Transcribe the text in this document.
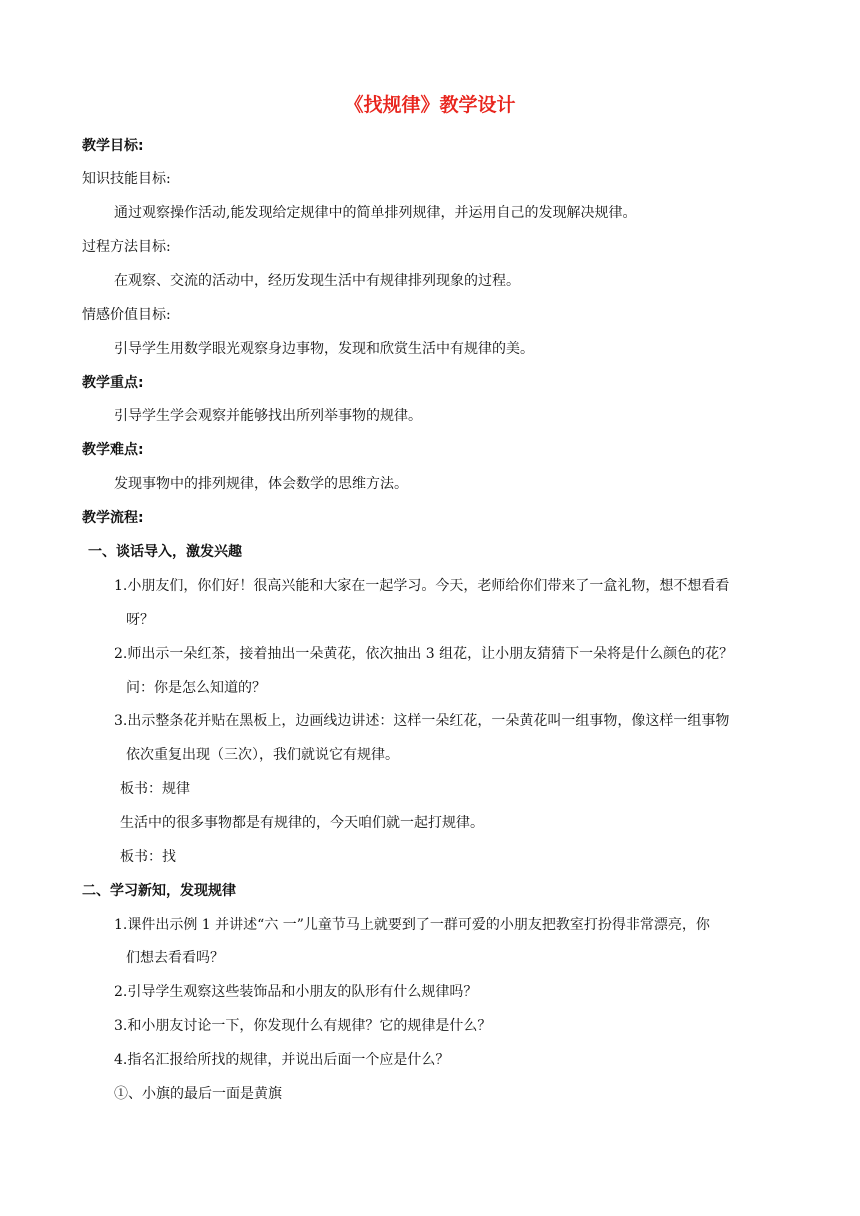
《找规律》教学设计
教学目标:
知识技能目标:
通过观察操作活动,能发现给定规律中的简单排列规律，并运用自己的发现解决规律。
过程方法目标:
在观察、交流的活动中，经历发现生活中有规律排列现象的过程。
情感价值目标:
引导学生用数学眼光观察身边事物，发现和欣赏生活中有规律的美。
教学重点:
引导学生学会观察并能够找出所列举事物的规律。
教学难点:
发现事物中的排列规律，体会数学的思维方法。
教学流程:
一、谈话导入，激发兴趣
1.小朋友们，你们好！很高兴能和大家在一起学习。今天，老师给你们带来了一盒礼物，想不想看看
呀？
2.师出示一朵红茶，接着抽出一朵黄花，依次抽出 3 组花，让小朋友猜猜下一朵将是什么颜色的花？
问：你是怎么知道的？
3.出示整条花并贴在黑板上，边画线边讲述：这样一朵红花，一朵黄花叫一组事物，像这样一组事物
依次重复出现（三次），我们就说它有规律。
板书：规律
生活中的很多事物都是有规律的，今天咱们就一起打规律。
板书：找
二、学习新知，发现规律
1.课件出示例 1 并讲述“六 一”儿童节马上就要到了一群可爱的小朋友把教室打扮得非常漂亮，你
们想去看看吗？
2.引导学生观察这些装饰品和小朋友的队形有什么规律吗？
3.和小朋友讨论一下，你发现什么有规律？它的规律是什么？
4.指名汇报给所找的规律，并说出后面一个应是什么？
①、小旗的最后一面是黄旗
